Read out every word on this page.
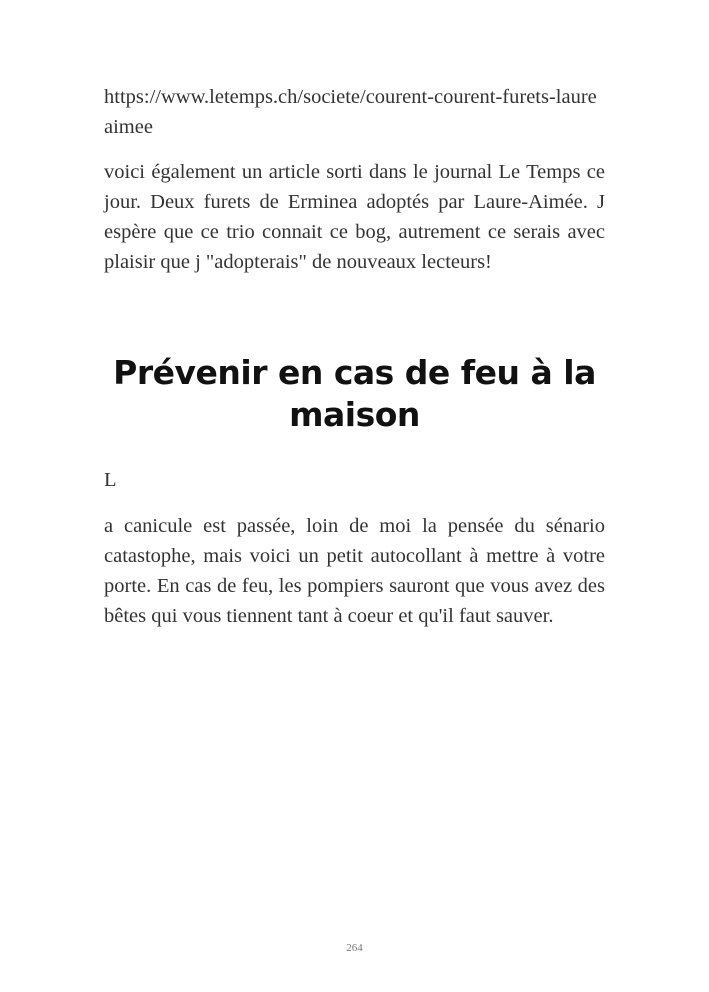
https://www.letemps.ch/societe/courent-courent-furets-laureaimee

voici également un article sorti dans le journal Le Temps ce jour. Deux furets de Erminea adoptés par Laure-Aimée. J espère que ce trio connait ce bog, autrement ce serais avec plaisir que j "adopterais" de nouveaux lecteurs!

Prévenir en cas de feu à la maison
L

a canicule est passée, loin de moi la pensée du sénario catastophe, mais voici un petit autocollant à mettre à votre porte. En cas de feu, les pompiers sauront que vous avez des bêtes qui vous tiennent tant à coeur et qu'il faut sauver.

264
